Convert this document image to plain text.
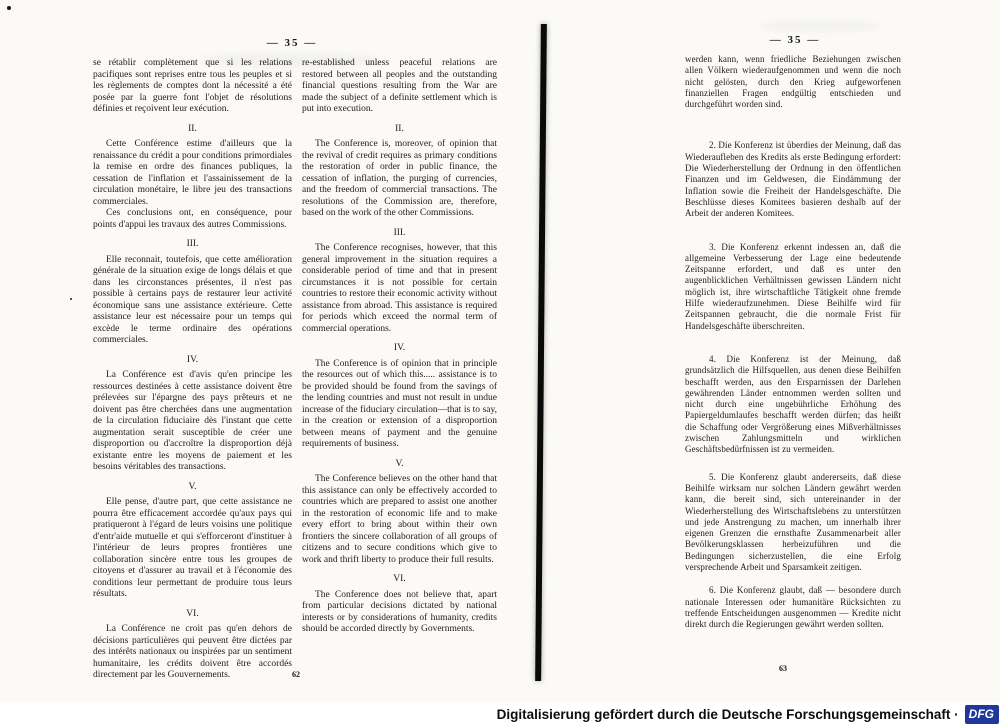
— 35 —

se rétablir complètement que si les relations pacifiques sont reprises entre tous les peuples et si les règlements de comptes dont la nécessité a été posée par la guerre font l'objet de résolutions définies et reçoivent leur exécution.

II.

Cette Conférence estime d'ailleurs que la renaissance du crédit a pour conditions primordiales la remise en ordre des finances publiques, la cessation de l'inflation et l'assainissement de la circulation monétaire, le libre jeu des transactions commerciales.

Ces conclusions ont, en conséquence, pour points d'appui les travaux des autres Commissions.

III.

Elle reconnait, toutefois, que cette amélioration générale de la situation exige de longs délais et que dans les circonstances présentes, il n'est pas possible à certains pays de restaurer leur activité économique sans une assistance extérieure. Cette assistance leur est nécessaire pour un temps qui excède le terme ordinaire des opérations commerciales.

IV.

La Conférence est d'avis qu'en principe les ressources destinées à cette assistance doivent être prélevées sur l'épargne des pays prêteurs et ne doivent pas être cherchées dans une augmentation de la circulation fiduciaire dès l'instant que cette augmentation serait susceptible de créer une disproportion ou d'accroître la disproportion déjà existante entre les moyens de paiement et les besoins véritables des transactions.

V.

Elle pense, d'autre part, que cette assistance ne pourra être efficacement accordée qu'aux pays qui pratiqueront à l'égard de leurs voisins une politique d'entr'aide mutuelle et qui s'efforceront d'instituer à l'intérieur de leurs propres frontières une collaboration sincère entre tous les groupes de citoyens et d'assurer au travail et à l'économie des conditions leur permettant de produire tous leurs résultats.

VI.

La Conférence ne croit pas qu'en dehors de décisions particulières qui peuvent être dictées par des intérêts nationaux ou inspirées par un sentiment humanitaire, les crédits doivent être accordés directement par les Gouvernements.

re-established unless peaceful relations are restored between all peoples and the outstanding financial questions resulting from the War are made the subject of a definite settlement which is put into execution.

II.

The Conference is, moreover, of opinion that the revival of credit requires as primary conditions the restoration of order in public finance, the cessation of inflation, the purging of currencies, and the freedom of commercial transactions. The resolutions of the Commission are, therefore, based on the work of the other Commissions.

III.

The Conference recognises, however, that this general improvement in the situation requires a considerable period of time and that in present circumstances it is not possible for certain countries to restore their economic activity without assistance from abroad. This assistance is required for periods which exceed the normal term of commercial operations.

IV.

The Conference is of opinion that in principle the resources out of which this..... assistance is to be provided should be found from the savings of the lending countries and must not result in undue increase of the fiduciary circulation—that is to say, in the creation or extension of a disproportion between means of payment and the genuine requirements of business.

V.

The Conference believes on the other hand that this assistance can only be effectively accorded to countries which are prepared to assist one another in the restoration of economic life and to make every effort to bring about within their own frontiers the sincere collaboration of all groups of citizens and to secure conditions which give to work and thrift liberty to produce their full results.

VI.

The Conference does not believe that, apart from particular decisions dictated by national interests or by considerations of humanity, credits should be accorded directly by Governments.

62
— 35 —

werden kann, wenn friedliche Beziehungen zwischen allen Völkern wiederaufgenommen und wenn die noch nicht gelösten, durch den Krieg aufgeworfenen finanziellen Fragen endgültig entschieden und durchgeführt worden sind.

2. Die Konferenz ist überdies der Meinung, daß das Wiederaufleben des Kredits als erste Bedingung erfordert: Die Wiederherstellung der Ordnung in den öffentlichen Finanzen und im Geldwesen, die Eindämmung der Inflation sowie die Freiheit der Handelsgeschäfte. Die Beschlüsse dieses Komitees basieren deshalb auf der Arbeit der anderen Komitees.

3. Die Konferenz erkennt indessen an, daß die allgemeine Verbesserung der Lage eine bedeutende Zeitspanne erfordert, und daß es unter den augenblicklichen Verhältnissen gewissen Ländern nicht möglich ist, ihre wirtschaftliche Tätigkeit ohne fremde Hilfe wiederaufzunehmen. Diese Beihilfe wird für Zeitspannen gebraucht, die die normale Frist für Handelsgeschäfte überschreiten.

4. Die Konferenz ist der Meinung, daß grundsätzlich die Hilfsquellen, aus denen diese Beihilfen beschafft werden, aus den Ersparnissen der Darlehen gewährenden Länder entnommen werden sollten und nicht durch eine ungebührliche Erhöhung des Papiergeldumlaufes beschafft werden dürfen; das heißt die Schaffung oder Vergrößerung eines Mißverhältnisses zwischen Zahlungsmitteln und wirklichen Geschäftsbedürfnissen ist zu vermeiden.

5. Die Konferenz glaubt andererseits, daß diese Beihilfe wirksam nur solchen Ländern gewährt werden kann, die bereit sind, sich untereinander in der Wiederherstellung des Wirtschaftslebens zu unterstützen und jede Anstrengung zu machen, um innerhalb ihrer eigenen Grenzen die ernsthafte Zusammenarbeit aller Bevölkerungsklassen herbeizuführen und die Bedingungen sicherzustellen, die eine Erfolg versprechende Arbeit und Sparsamkeit zeitigen.

6. Die Konferenz glaubt, daß — besondere durch nationale Interessen oder humanitäre Rücksichten zu treffende Entscheidungen ausgenommen — Kredite nicht direkt durch die Regierungen gewährt werden sollten.

63
Digitalisierung gefördert durch die Deutsche Forschungsgemeinschaft · DFG
